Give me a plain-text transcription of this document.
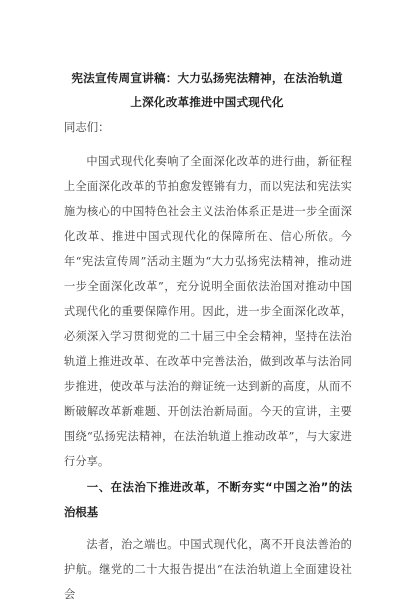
宪法宣传周宣讲稿：大力弘扬宪法精神，在法治轨道上深化改革推进中国式现代化
同志们：
中国式现代化奏响了全面深化改革的进行曲，新征程上全面深化改革的节拍愈发铿锵有力，而以宪法和宪法实施为核心的中国特色社会主义法治体系正是进一步全面深化改革、推进中国式现代化的保障所在、信心所依。今年“宪法宣传周”活动主题为“大力弘扬宪法精神，推动进一步全面深化改革”，充分说明全面依法治国对推动中国式现代化的重要保障作用。因此，进一步全面深化改革，必须深入学习贯彻党的二十届三中全会精神，坚持在法治轨道上推进改革、在改革中完善法治，做到改革与法治同步推进，使改革与法治的辩证统一达到新的高度，从而不断破解改革新难题、开创法治新局面。今天的宣讲，主要围绕“弘扬宪法精神，在法治轨道上推动改革”，与大家进行分享。
一、在法治下推进改革，不断夯实“中国之治”的法治根基
法者，治之端也。中国式现代化，离不开良法善治的护航。继党的二十大报告提出“在法治轨道上全面建设社会
